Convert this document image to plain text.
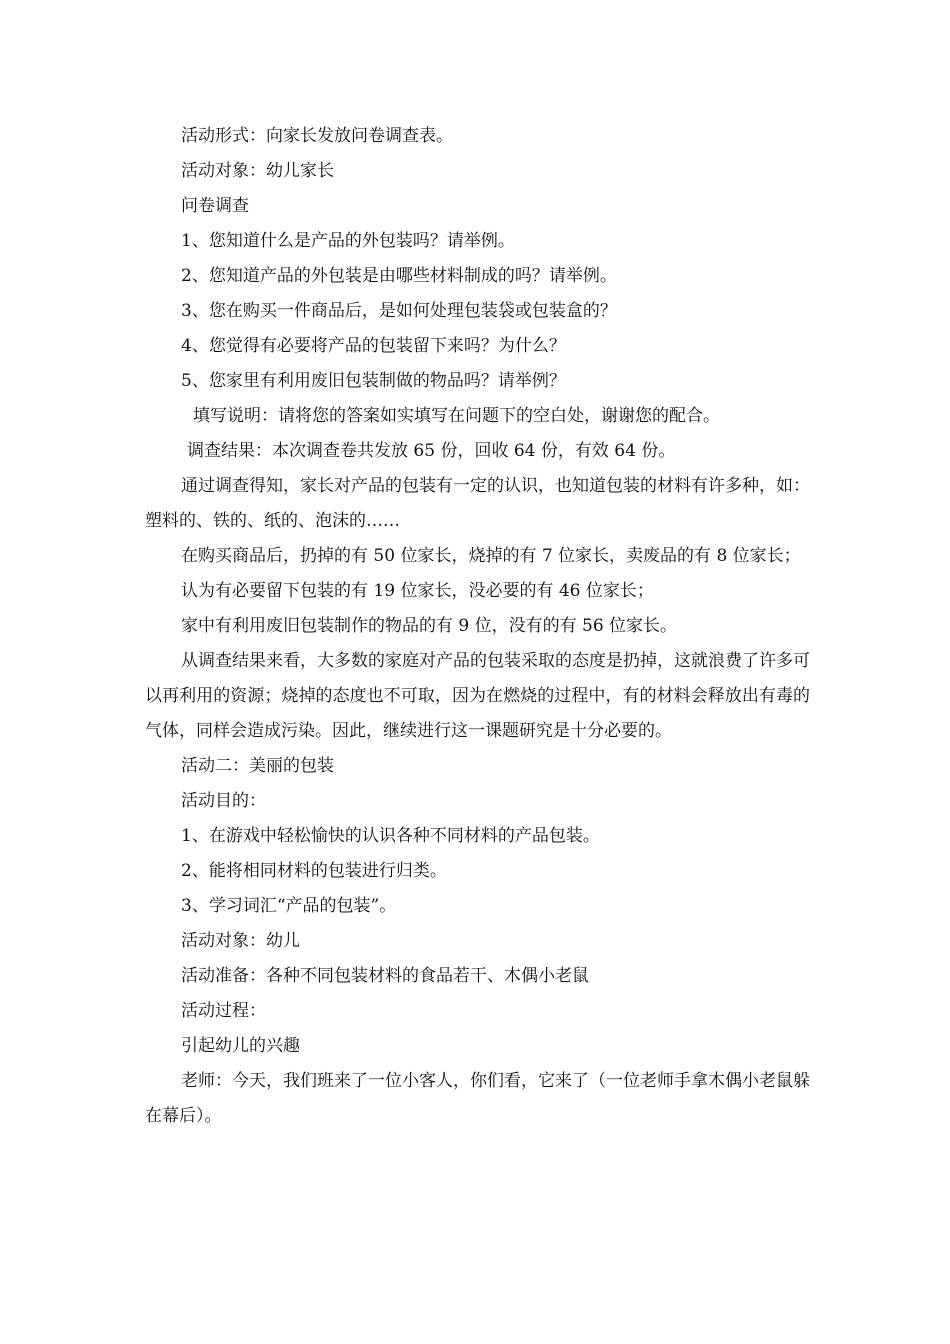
活动形式：向家长发放问卷调查表。

活动对象：幼儿家长

问卷调查

1、您知道什么是产品的外包装吗？请举例。

2、您知道产品的外包装是由哪些材料制成的吗？请举例。

3、您在购买一件商品后，是如何处理包装袋或包装盒的？

4、您觉得有必要将产品的包装留下来吗？为什么？

5、您家里有利用废旧包装制做的物品吗？请举例？

填写说明：请将您的答案如实填写在问题下的空白处，谢谢您的配合。

调查结果：本次调查卷共发放 65 份，回收 64 份，有效 64 份。

通过调查得知，家长对产品的包装有一定的认识，也知道包装的材料有许多种，如：塑料的、铁的、纸的、泡沫的……

在购买商品后，扔掉的有 50 位家长，烧掉的有 7 位家长，卖废品的有 8 位家长；

认为有必要留下包装的有 19 位家长，没必要的有 46 位家长；

家中有利用废旧包装制作的物品的有 9 位，没有的有 56 位家长。

从调查结果来看，大多数的家庭对产品的包装采取的态度是扔掉，这就浪费了许多可以再利用的资源；烧掉的态度也不可取，因为在燃烧的过程中，有的材料会释放出有毒的气体，同样会造成污染。因此，继续进行这一课题研究是十分必要的。

活动二：美丽的包装

活动目的：

1、在游戏中轻松愉快的认识各种不同材料的产品包装。

2、能将相同材料的包装进行归类。

3、学习词汇“产品的包装”。

活动对象：幼儿

活动准备：各种不同包装材料的食品若干、木偶小老鼠

活动过程：

引起幼儿的兴趣

老师：今天，我们班来了一位小客人，你们看，它来了（一位老师手拿木偶小老鼠躲在幕后）。
